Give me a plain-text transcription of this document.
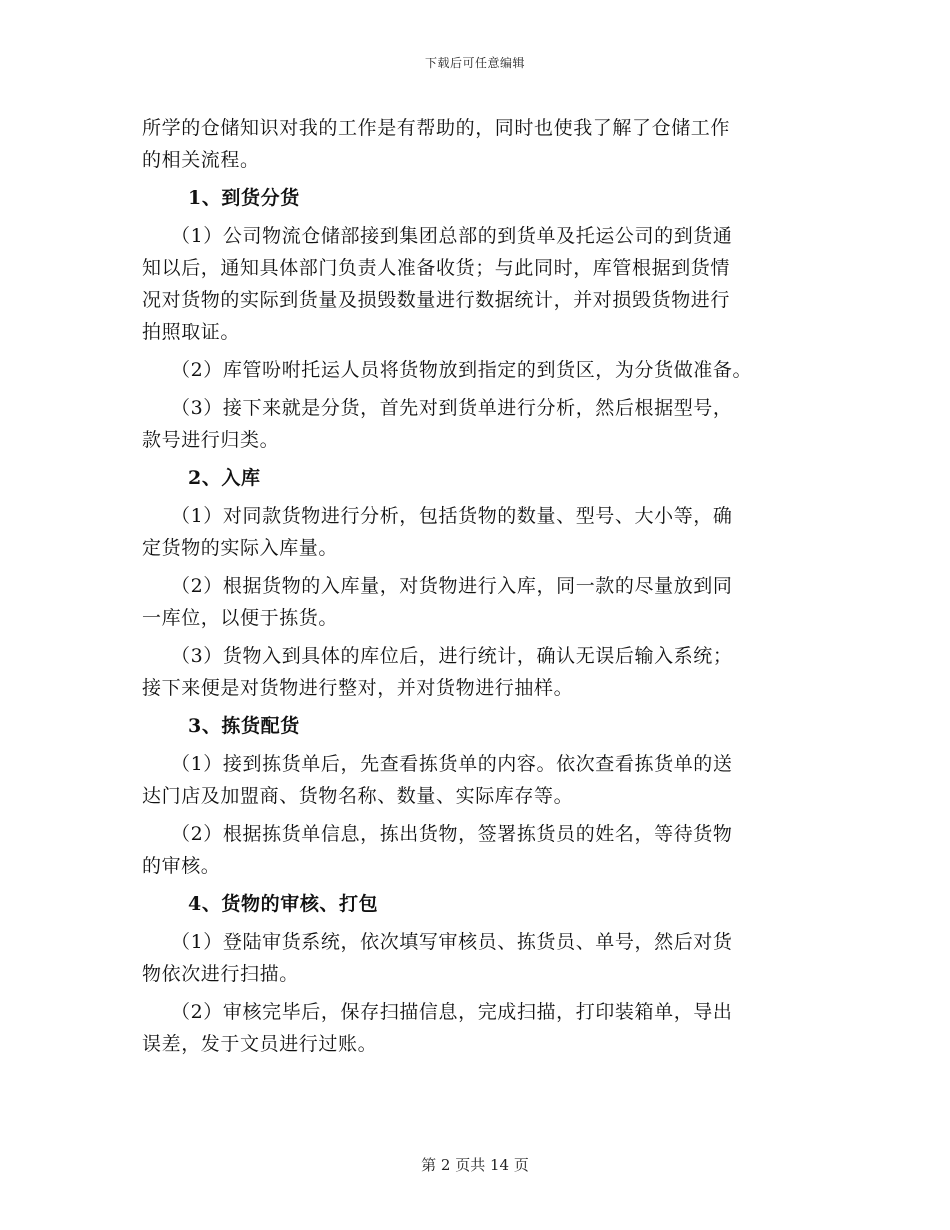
下载后可任意编辑
所学的仓储知识对我的工作是有帮助的，同时也使我了解了仓储工作
的相关流程。
1、到货分货
（1）公司物流仓储部接到集团总部的到货单及托运公司的到货通
知以后，通知具体部门负责人准备收货；与此同时，库管根据到货情
况对货物的实际到货量及损毁数量进行数据统计，并对损毁货物进行
拍照取证。
（2）库管吩咐托运人员将货物放到指定的到货区，为分货做准备。
（3）接下来就是分货，首先对到货单进行分析，然后根据型号，
款号进行归类。
2、入库
（1）对同款货物进行分析，包括货物的数量、型号、大小等，确
定货物的实际入库量。
（2）根据货物的入库量，对货物进行入库，同一款的尽量放到同
一库位，以便于拣货。
（3）货物入到具体的库位后，进行统计，确认无误后输入系统；
接下来便是对货物进行整对，并对货物进行抽样。
3、拣货配货
（1）接到拣货单后，先查看拣货单的内容。依次查看拣货单的送
达门店及加盟商、货物名称、数量、实际库存等。
（2）根据拣货单信息，拣出货物，签署拣货员的姓名，等待货物
的审核。
4、货物的审核、打包
（1）登陆审货系统，依次填写审核员、拣货员、单号，然后对货
物依次进行扫描。
（2）审核完毕后，保存扫描信息，完成扫描，打印装箱单，导出
误差，发于文员进行过账。
第 2 页共 14 页
